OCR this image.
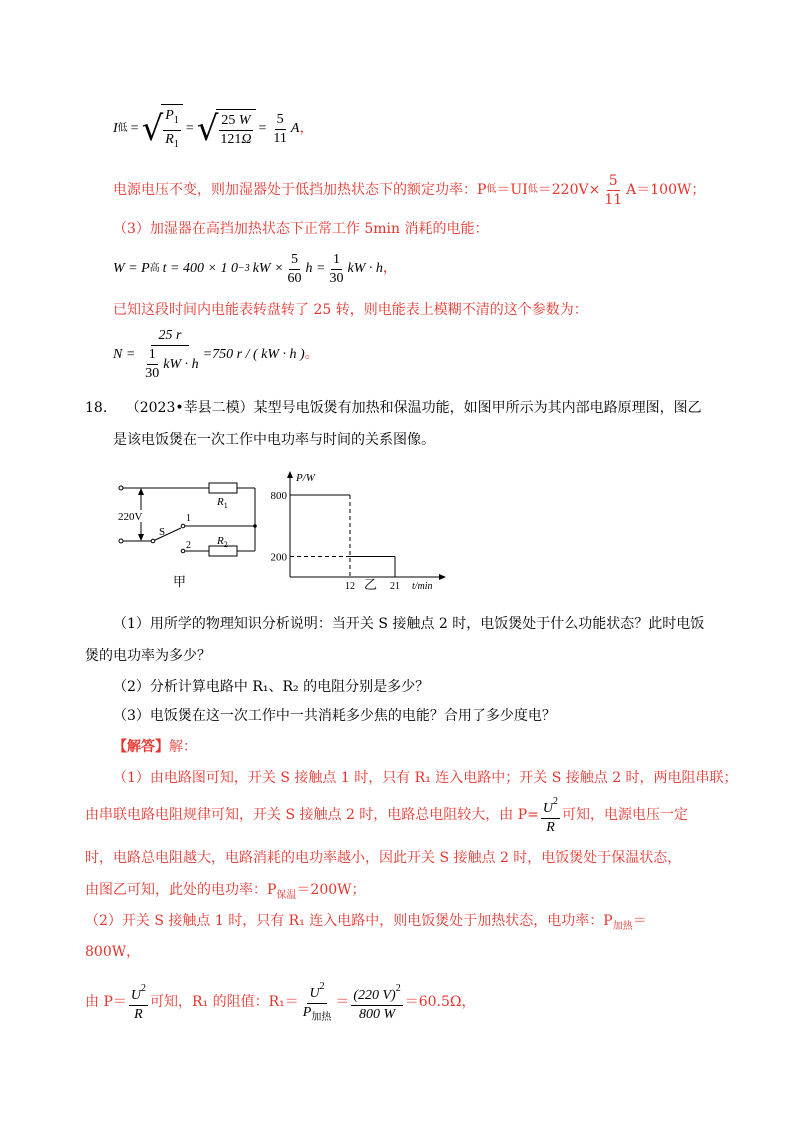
I 低 = √ $\frac{P_1}{R_1}$ = √ $\frac{25 W}{121\Omega} = \frac{5}{11}$ A ，
电源电压不变，则加湿器处于低挡加热状态下的额定功率：P 低 ＝UI 低 $=220V\times \frac{5}{11} A=100W$；
（3）加湿器在高挡加热状态下正常工作 5min 消耗的电能：
W = P 高 t = 400 × 1 0 −3 kW × $\frac{5}{60}$ $h = \frac{1}{30}$ kW · h ，
已知这段时间内电能表转盘转了 25 转，则电能表上模糊不清的这个参数为：
$N = \frac{25 r}{\frac{1}{30} kW \cdot h} =750$ r / ( kW · h ) 。
18. （2023•莘县二模）某型号电饭煲有加热和保温功能，如图甲所示为其内部电路原理图，图乙
是该电饭煲在一次工作中电功率与时间的关系图像。
220V
S
1
2
$R_1$
$R_2$
甲
P/W
t/min
乙
800
200
12	21
（1）用所学的物理知识分析说明：当开关 S 接触点 2 时，电饭煲处于什么功能状态？此时电饭
煲的电功率为多少？
（2）分析计算电路中 R₁、R₂ 的电阻分别是多少？
（3）电饭煲在这一次工作中一共消耗多少焦的电能？合用了多少度电？
【解答】解：
（1）由电路图可知，开关 S 接触点 1 时，只有 R₁ 连入电路中；开关 S 接触点 2 时，两电阻串联；
由串联电路电阻规律可知，开关 S 接触点 2 时，电路总电阻较大，由 $P= \frac{U^2}{R}$ 可知，电源电压一定
时，电路总电阻越大，电路消耗的电功率越小，因此开关 S 接触点 2 时，电饭煲处于保温状态，
由图乙可知，此处的电功率：$P_{保温}=200W$；
（2）开关 S 接触点 1 时，只有 R₁ 连入电路中，则电饭煲处于加热状态，电功率：$P_{加热}=$
800W，
由 $P= \frac{U^2}{R}$ 可知，R₁ 的阻值：$R_1= \frac{U^2}{P_{加热}} = \frac{(220 V)^2}{800 W} =60.5\Omega$，
